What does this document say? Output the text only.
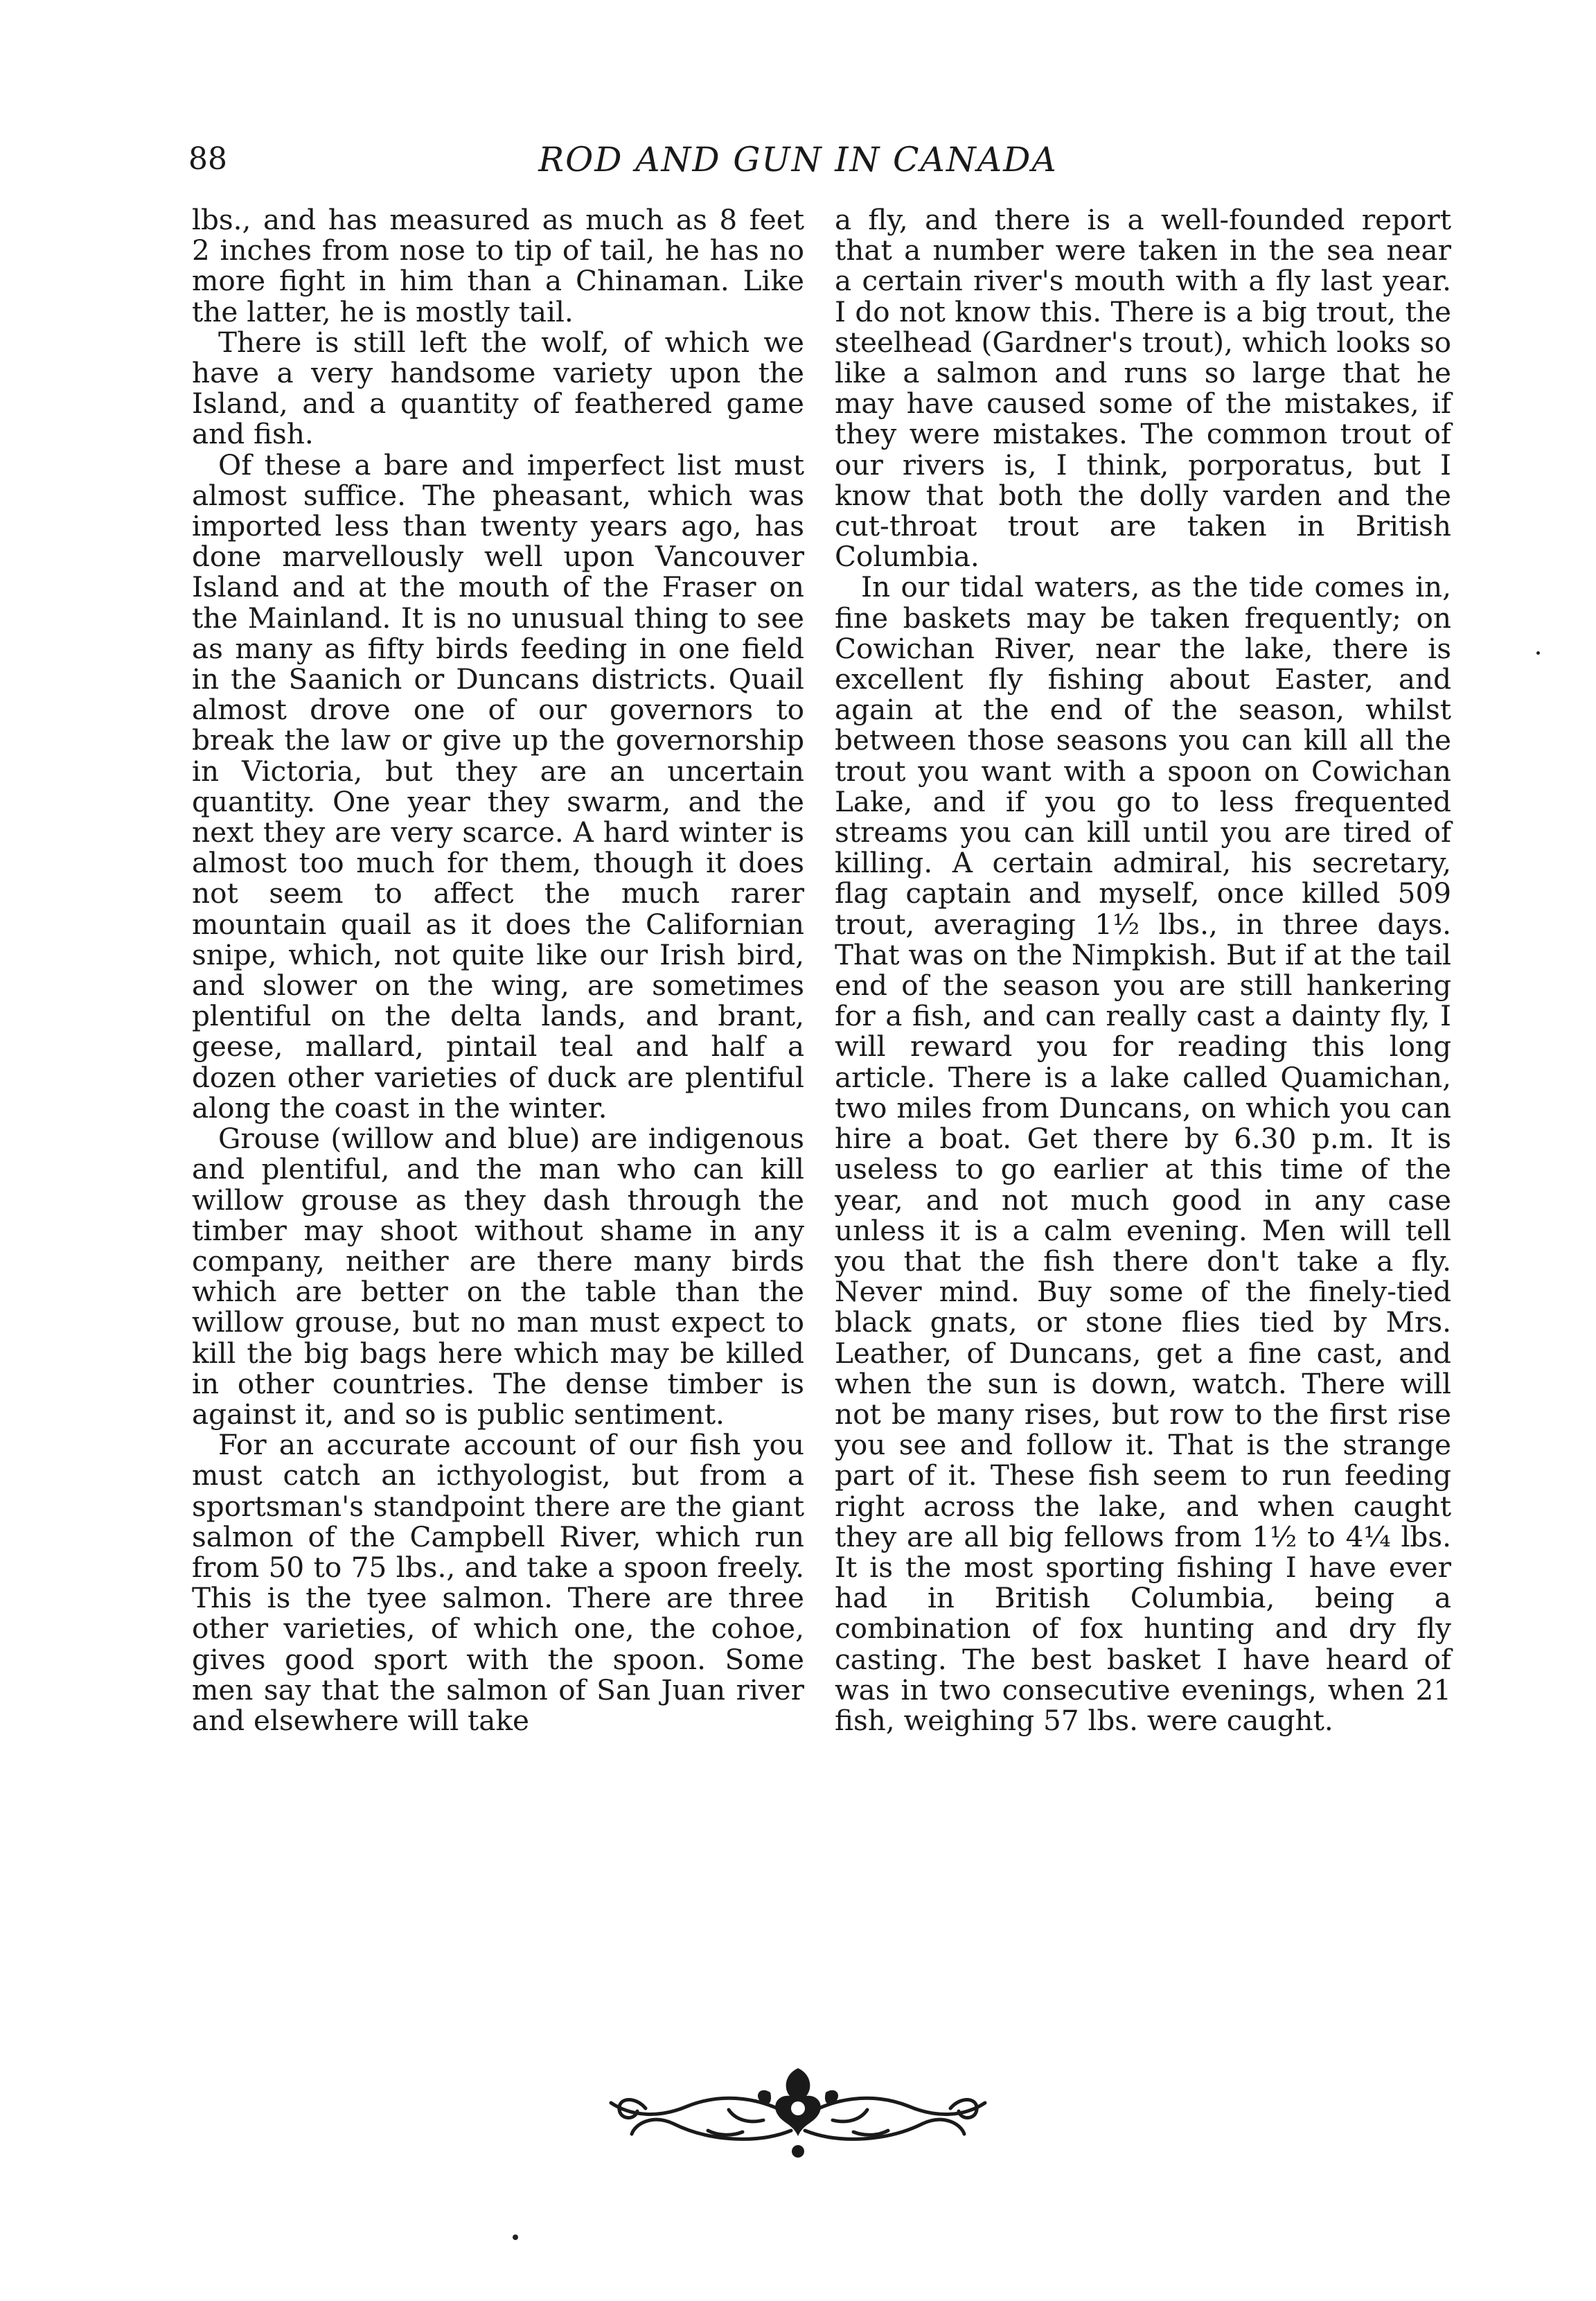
88	ROD AND GUN IN CANADA

lbs., and has measured as much as 8 feet 2 inches from nose to tip of tail, he has no more fight in him than a Chinaman. Like the latter, he is mostly tail.

There is still left the wolf, of which we have a very handsome variety upon the Island, and a quantity of feathered game and fish.

Of these a bare and imperfect list must almost suffice. The pheasant, which was imported less than twenty years ago, has done marvellously well upon Vancouver Island and at the mouth of the Fraser on the Mainland. It is no unusual thing to see as many as fifty birds feeding in one field in the Saanich or Duncans districts. Quail almost drove one of our governors to break the law or give up the governorship in Victoria, but they are an uncertain quantity. One year they swarm, and the next they are very scarce. A hard winter is almost too much for them, though it does not seem to affect the much rarer mountain quail as it does the Californian snipe, which, not quite like our Irish bird, and slower on the wing, are sometimes plentiful on the delta lands, and brant, geese, mallard, pintail teal and half a dozen other varieties of duck are plentiful along the coast in the winter.

Grouse (willow and blue) are indigenous and plentiful, and the man who can kill willow grouse as they dash through the timber may shoot without shame in any company, neither are there many birds which are better on the table than the willow grouse, but no man must expect to kill the big bags here which may be killed in other countries. The dense timber is against it, and so is public sentiment.

For an accurate account of our fish you must catch an icthyologist, but from a sportsman's standpoint there are the giant salmon of the Campbell River, which run from 50 to 75 lbs., and take a spoon freely. This is the tyee salmon. There are three other varieties, of which one, the cohoe, gives good sport with the spoon. Some men say that the salmon of San Juan river and elsewhere will take

a fly, and there is a well-founded report that a number were taken in the sea near a certain river's mouth with a fly last year. I do not know this. There is a big trout, the steelhead (Gardner's trout), which looks so like a salmon and runs so large that he may have caused some of the mistakes, if they were mistakes. The common trout of our rivers is, I think, porporatus, but I know that both the dolly varden and the cut-throat trout are taken in British Columbia.

In our tidal waters, as the tide comes in, fine baskets may be taken frequently; on Cowichan River, near the lake, there is excellent fly fishing about Easter, and again at the end of the season, whilst between those seasons you can kill all the trout you want with a spoon on Cowichan Lake, and if you go to less frequented streams you can kill until you are tired of killing. A certain admiral, his secretary, flag captain and myself, once killed 509 trout, averaging 1½ lbs., in three days. That was on the Nimpkish. But if at the tail end of the season you are still hankering for a fish, and can really cast a dainty fly, I will reward you for reading this long article. There is a lake called Quamichan, two miles from Duncans, on which you can hire a boat. Get there by 6.30 p.m. It is useless to go earlier at this time of the year, and not much good in any case unless it is a calm evening. Men will tell you that the fish there don't take a fly. Never mind. Buy some of the finely-tied black gnats, or stone flies tied by Mrs. Leather, of Duncans, get a fine cast, and when the sun is down, watch. There will not be many rises, but row to the first rise you see and follow it. That is the strange part of it. These fish seem to run feeding right across the lake, and when caught they are all big fellows from 1½ to 4¼ lbs. It is the most sporting fishing I have ever had in British Columbia, being a combination of fox hunting and dry fly casting. The best basket I have heard of was in two consecutive evenings, when 21 fish, weighing 57 lbs. were caught.
